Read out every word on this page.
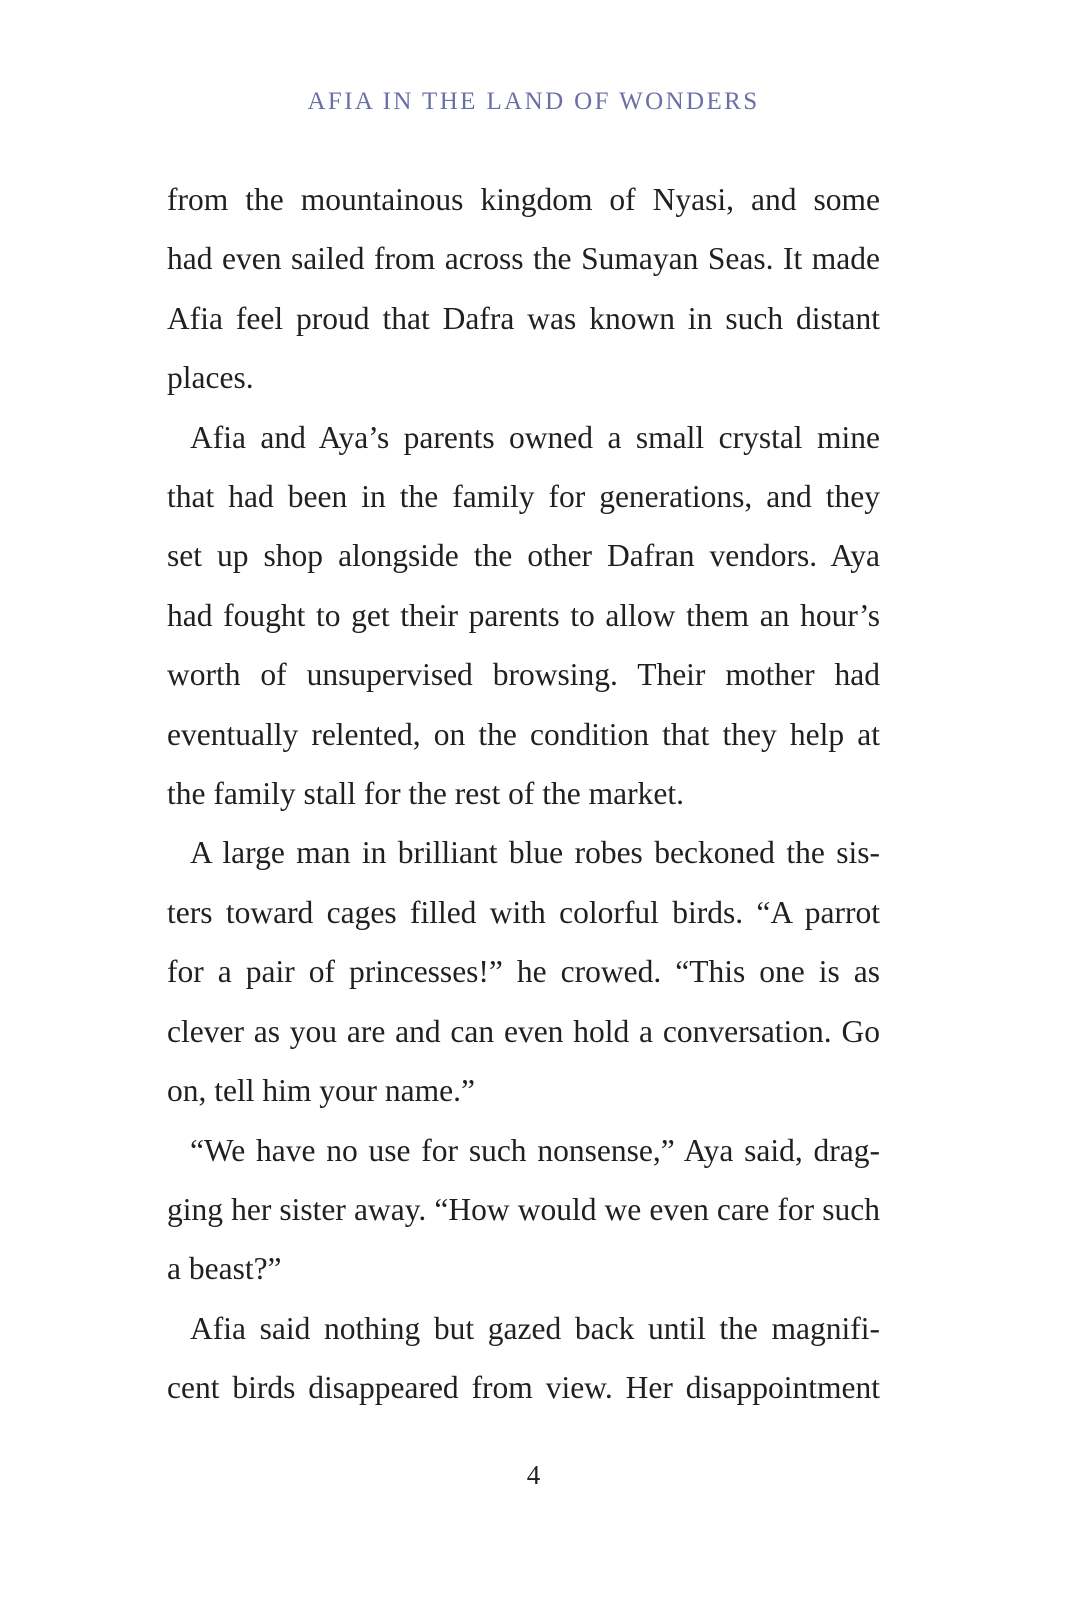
AFIA IN THE LAND OF WONDERS

from the mountainous kingdom of Nyasi, and some
had even sailed from across the Sumayan Seas. It made
Afia feel proud that Dafra was known in such distant
places.

Afia and Aya’s parents owned a small crystal mine
that had been in the family for generations, and they
set up shop alongside the other Dafran vendors. Aya
had fought to get their parents to allow them an hour’s
worth of unsupervised browsing. Their mother had
eventually relented, on the condition that they help at
the family stall for the rest of the market.

A large man in brilliant blue robes beckoned the sis-
ters toward cages filled with colorful birds. “A parrot
for a pair of princesses!” he crowed. “This one is as
clever as you are and can even hold a conversation. Go
on, tell him your name.”

“We have no use for such nonsense,” Aya said, drag-
ging her sister away. “How would we even care for such
a beast?”

Afia said nothing but gazed back until the magnifi-
cent birds disappeared from view. Her disappointment

4
